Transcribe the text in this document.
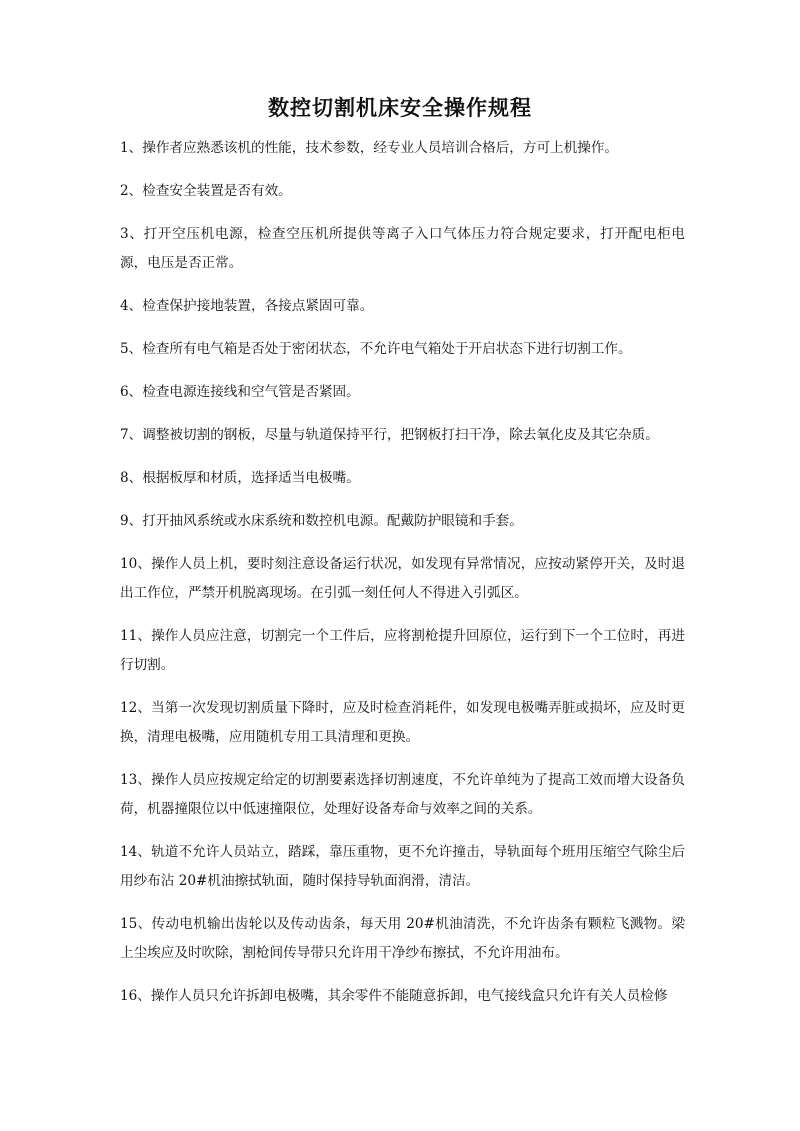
数控切割机床安全操作规程
1、操作者应熟悉该机的性能，技术参数，经专业人员培训合格后，方可上机操作。
2、检查安全装置是否有效。
3、打开空压机电源，检查空压机所提供等离子入口气体压力符合规定要求，打开配电柜电源，电压是否正常。
4、检查保护接地装置，各接点紧固可靠。
5、检查所有电气箱是否处于密闭状态，不允许电气箱处于开启状态下进行切割工作。
6、检查电源连接线和空气管是否紧固。
7、调整被切割的钢板，尽量与轨道保持平行，把钢板打扫干净，除去氧化皮及其它杂质。
8、根据板厚和材质，选择适当电极嘴。
9、打开抽风系统或水床系统和数控机电源。配戴防护眼镜和手套。
10、操作人员上机，要时刻注意设备运行状况，如发现有异常情况，应按动紧停开关，及时退出工作位，严禁开机脱离现场。在引弧一刻任何人不得进入引弧区。
11、操作人员应注意，切割完一个工件后，应将割枪提升回原位，运行到下一个工位时，再进行切割。
12、当第一次发现切割质量下降时，应及时检查消耗件，如发现电极嘴弄脏或损坏，应及时更换，清理电极嘴，应用随机专用工具清理和更换。
13、操作人员应按规定给定的切割要素选择切割速度，不允许单纯为了提高工效而增大设备负荷，机器撞限位以中低速撞限位，处理好设备寿命与效率之间的关系。
14、轨道不允许人员站立，踏踩，靠压重物，更不允许撞击，导轨面每个班用压缩空气除尘后用纱布沾 20#机油擦拭轨面，随时保持导轨面润滑，清洁。
15、传动电机输出齿轮以及传动齿条，每天用 20#机油清洗，不允许齿条有颗粒飞溅物。梁上尘埃应及时吹除，割枪间传导带只允许用干净纱布擦拭，不允许用油布。
16、操作人员只允许拆卸电极嘴，其余零件不能随意拆卸，电气接线盒只允许有关人员检修
